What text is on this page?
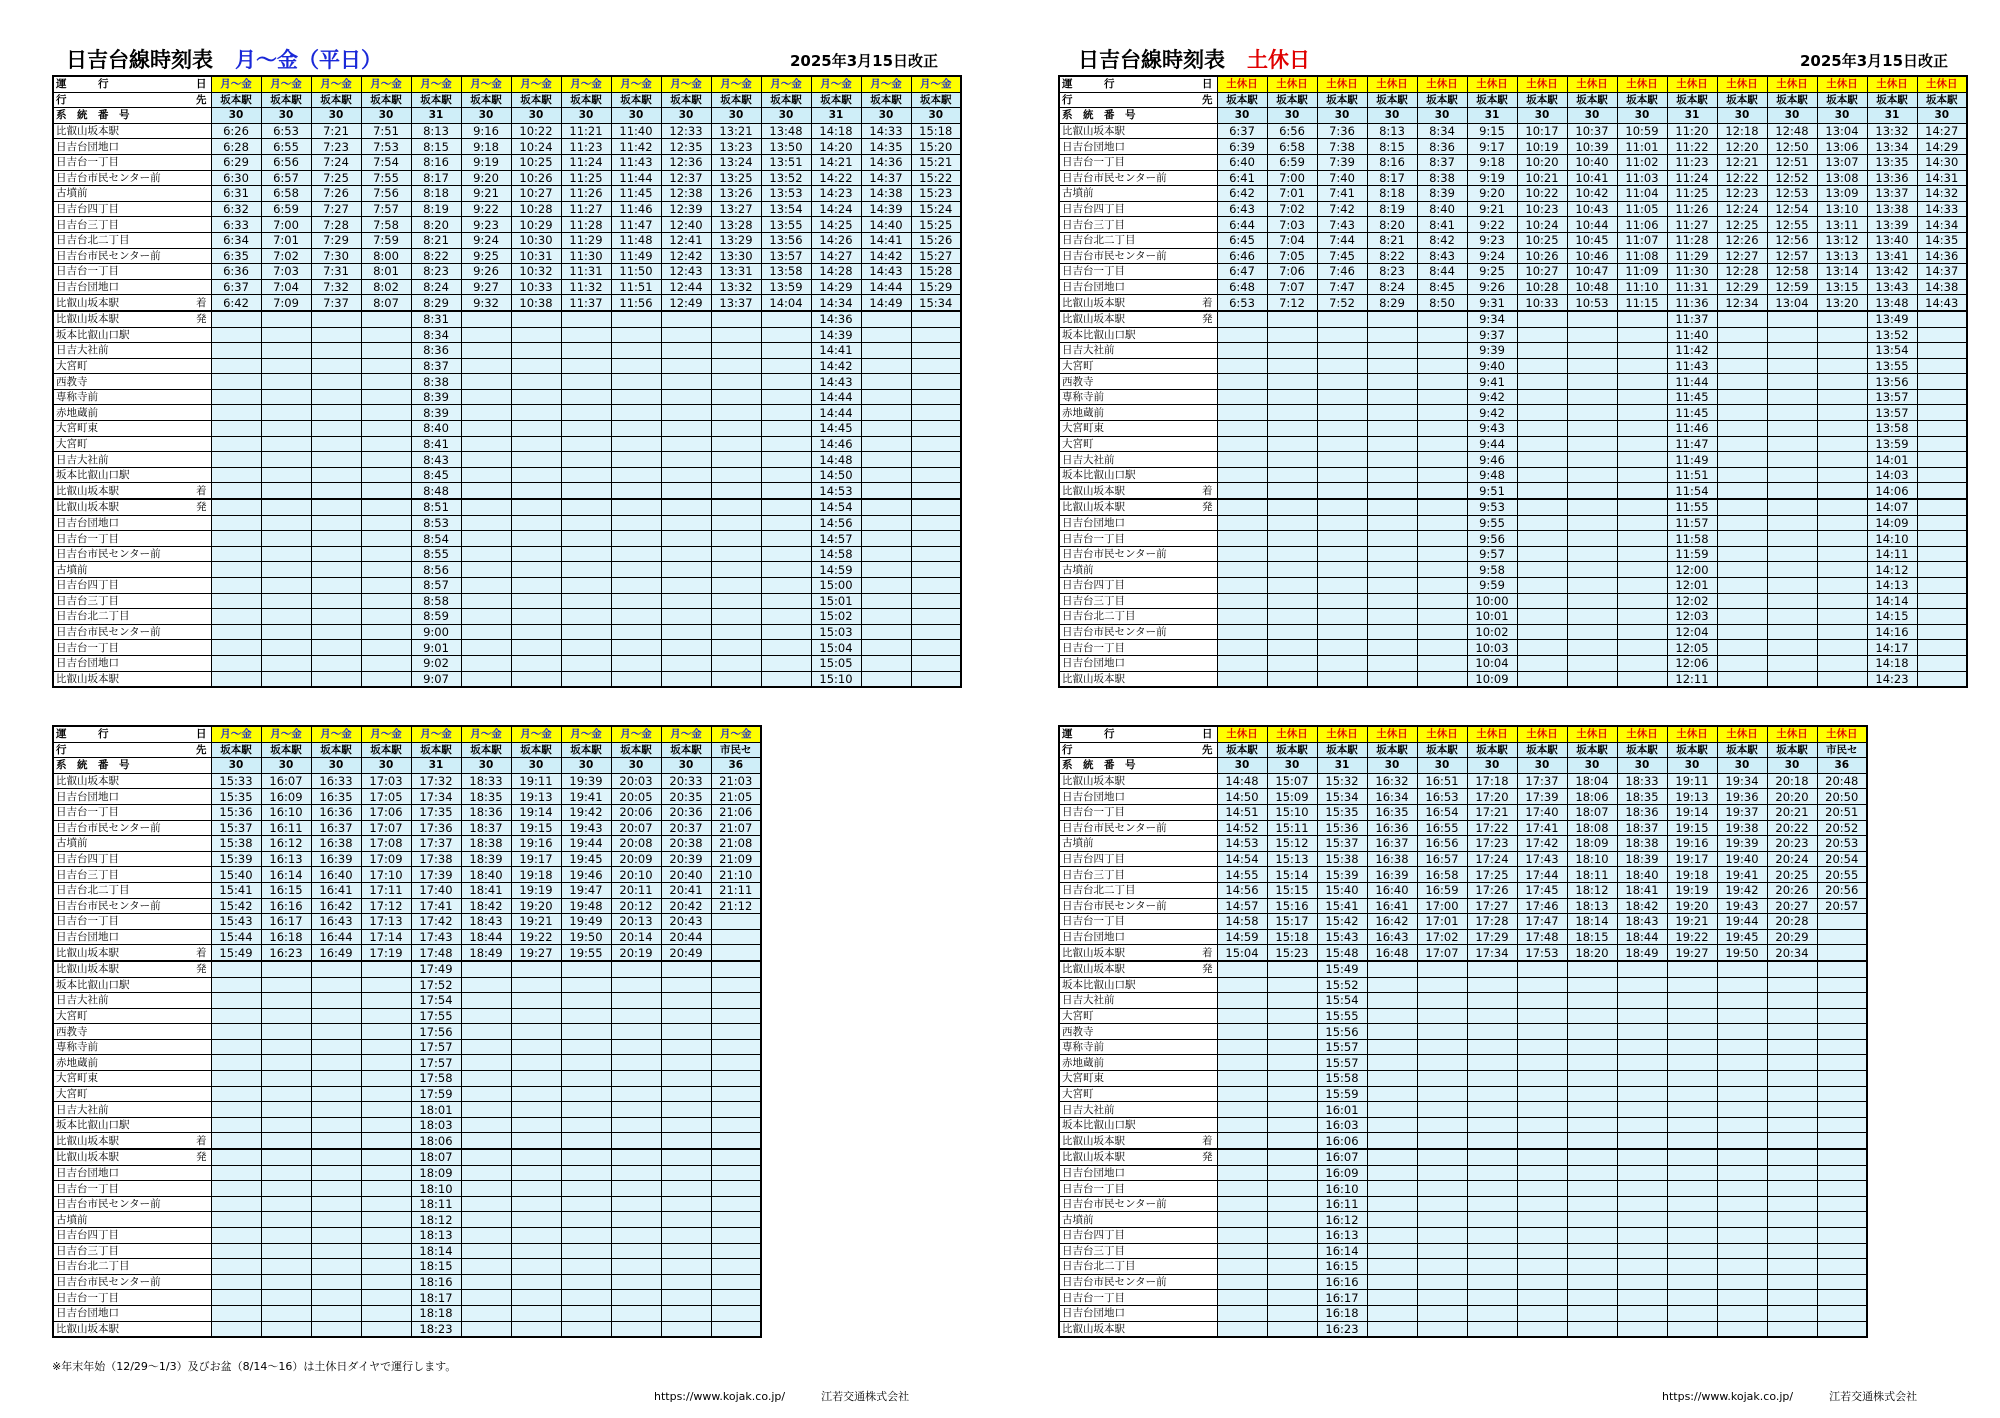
日吉台線時刻表 月～金（平日）	2025年3月15日改正	日吉台線時刻表 土休日	2025年3月15日改正
運　　　行 日	月～金	月～金	月～金	月～金	月～金	月～金	月～金	月～金	月～金	月～金	月～金	月～金	月～金	月～金	月～金
行 先	坂本駅	坂本駅	坂本駅	坂本駅	坂本駅	坂本駅	坂本駅	坂本駅	坂本駅	坂本駅	坂本駅	坂本駅	坂本駅	坂本駅	坂本駅
系　統　番　号	30	30	30	30	31	30	30	30	30	30	30	30	31	30	30
比叡山坂本駅	6:26	6:53	7:21	7:51	8:13	9:16	10:22	11:21	11:40	12:33	13:21	13:48	14:18	14:33	15:18
日吉台団地口	6:28	6:55	7:23	7:53	8:15	9:18	10:24	11:23	11:42	12:35	13:23	13:50	14:20	14:35	15:20
日吉台一丁目	6:29	6:56	7:24	7:54	8:16	9:19	10:25	11:24	11:43	12:36	13:24	13:51	14:21	14:36	15:21
日吉台市民センター前	6:30	6:57	7:25	7:55	8:17	9:20	10:26	11:25	11:44	12:37	13:25	13:52	14:22	14:37	15:22
古墳前	6:31	6:58	7:26	7:56	8:18	9:21	10:27	11:26	11:45	12:38	13:26	13:53	14:23	14:38	15:23
日吉台四丁目	6:32	6:59	7:27	7:57	8:19	9:22	10:28	11:27	11:46	12:39	13:27	13:54	14:24	14:39	15:24
日吉台三丁目	6:33	7:00	7:28	7:58	8:20	9:23	10:29	11:28	11:47	12:40	13:28	13:55	14:25	14:40	15:25
日吉台北二丁目	6:34	7:01	7:29	7:59	8:21	9:24	10:30	11:29	11:48	12:41	13:29	13:56	14:26	14:41	15:26
日吉台市民センター前	6:35	7:02	7:30	8:00	8:22	9:25	10:31	11:30	11:49	12:42	13:30	13:57	14:27	14:42	15:27
日吉台一丁目	6:36	7:03	7:31	8:01	8:23	9:26	10:32	11:31	11:50	12:43	13:31	13:58	14:28	14:43	15:28
日吉台団地口	6:37	7:04	7:32	8:02	8:24	9:27	10:33	11:32	11:51	12:44	13:32	13:59	14:29	14:44	15:29
比叡山坂本駅 着	6:42	7:09	7:37	8:07	8:29	9:32	10:38	11:37	11:56	12:49	13:37	14:04	14:34	14:49	15:34
比叡山坂本駅 発					8:31								14:36		
坂本比叡山口駅					8:34								14:39		
日吉大社前					8:36								14:41		
大宮町					8:37								14:42		
西教寺					8:38								14:43		
専称寺前					8:39								14:44		
赤地蔵前					8:39								14:44		
大宮町東					8:40								14:45		
大宮町					8:41								14:46		
日吉大社前					8:43								14:48		
坂本比叡山口駅					8:45								14:50		
比叡山坂本駅 着					8:48								14:53		
比叡山坂本駅 発					8:51								14:54		
日吉台団地口					8:53								14:56		
日吉台一丁目					8:54								14:57		
日吉台市民センター前					8:55								14:58		
古墳前					8:56								14:59		
日吉台四丁目					8:57								15:00		
日吉台三丁目					8:58								15:01		
日吉台北二丁目					8:59								15:02		
日吉台市民センター前					9:00								15:03		
日吉台一丁目					9:01								15:04		
日吉台団地口					9:02								15:05		
比叡山坂本駅					9:07								15:10		
運　　　行 日	月～金	月～金	月～金	月～金	月～金	月～金	月～金	月～金	月～金	月～金	月～金
行 先	坂本駅	坂本駅	坂本駅	坂本駅	坂本駅	坂本駅	坂本駅	坂本駅	坂本駅	坂本駅	市民セ
系　統　番　号	30	30	30	30	31	30	30	30	30	30	36
比叡山坂本駅	15:33	16:07	16:33	17:03	17:32	18:33	19:11	19:39	20:03	20:33	21:03
日吉台団地口	15:35	16:09	16:35	17:05	17:34	18:35	19:13	19:41	20:05	20:35	21:05
日吉台一丁目	15:36	16:10	16:36	17:06	17:35	18:36	19:14	19:42	20:06	20:36	21:06
日吉台市民センター前	15:37	16:11	16:37	17:07	17:36	18:37	19:15	19:43	20:07	20:37	21:07
古墳前	15:38	16:12	16:38	17:08	17:37	18:38	19:16	19:44	20:08	20:38	21:08
日吉台四丁目	15:39	16:13	16:39	17:09	17:38	18:39	19:17	19:45	20:09	20:39	21:09
日吉台三丁目	15:40	16:14	16:40	17:10	17:39	18:40	19:18	19:46	20:10	20:40	21:10
日吉台北二丁目	15:41	16:15	16:41	17:11	17:40	18:41	19:19	19:47	20:11	20:41	21:11
日吉台市民センター前	15:42	16:16	16:42	17:12	17:41	18:42	19:20	19:48	20:12	20:42	21:12
日吉台一丁目	15:43	16:17	16:43	17:13	17:42	18:43	19:21	19:49	20:13	20:43	
日吉台団地口	15:44	16:18	16:44	17:14	17:43	18:44	19:22	19:50	20:14	20:44	
比叡山坂本駅 着	15:49	16:23	16:49	17:19	17:48	18:49	19:27	19:55	20:19	20:49	
比叡山坂本駅 発					17:49						
坂本比叡山口駅					17:52						
日吉大社前					17:54						
大宮町					17:55						
西教寺					17:56						
専称寺前					17:57						
赤地蔵前					17:57						
大宮町東					17:58						
大宮町					17:59						
日吉大社前					18:01						
坂本比叡山口駅					18:03						
比叡山坂本駅 着					18:06						
比叡山坂本駅 発					18:07						
日吉台団地口					18:09						
日吉台一丁目					18:10						
日吉台市民センター前					18:11						
古墳前					18:12						
日吉台四丁目					18:13						
日吉台三丁目					18:14						
日吉台北二丁目					18:15						
日吉台市民センター前					18:16						
日吉台一丁目					18:17						
日吉台団地口					18:18						
比叡山坂本駅					18:23						
運　　　行 日	土休日	土休日	土休日	土休日	土休日	土休日	土休日	土休日	土休日	土休日	土休日	土休日	土休日	土休日	土休日
行 先	坂本駅	坂本駅	坂本駅	坂本駅	坂本駅	坂本駅	坂本駅	坂本駅	坂本駅	坂本駅	坂本駅	坂本駅	坂本駅	坂本駅	坂本駅
系　統　番　号	30	30	30	30	30	31	30	30	30	31	30	30	30	31	30
比叡山坂本駅	6:37	6:56	7:36	8:13	8:34	9:15	10:17	10:37	10:59	11:20	12:18	12:48	13:04	13:32	14:27
日吉台団地口	6:39	6:58	7:38	8:15	8:36	9:17	10:19	10:39	11:01	11:22	12:20	12:50	13:06	13:34	14:29
日吉台一丁目	6:40	6:59	7:39	8:16	8:37	9:18	10:20	10:40	11:02	11:23	12:21	12:51	13:07	13:35	14:30
日吉台市民センター前	6:41	7:00	7:40	8:17	8:38	9:19	10:21	10:41	11:03	11:24	12:22	12:52	13:08	13:36	14:31
古墳前	6:42	7:01	7:41	8:18	8:39	9:20	10:22	10:42	11:04	11:25	12:23	12:53	13:09	13:37	14:32
日吉台四丁目	6:43	7:02	7:42	8:19	8:40	9:21	10:23	10:43	11:05	11:26	12:24	12:54	13:10	13:38	14:33
日吉台三丁目	6:44	7:03	7:43	8:20	8:41	9:22	10:24	10:44	11:06	11:27	12:25	12:55	13:11	13:39	14:34
日吉台北二丁目	6:45	7:04	7:44	8:21	8:42	9:23	10:25	10:45	11:07	11:28	12:26	12:56	13:12	13:40	14:35
日吉台市民センター前	6:46	7:05	7:45	8:22	8:43	9:24	10:26	10:46	11:08	11:29	12:27	12:57	13:13	13:41	14:36
日吉台一丁目	6:47	7:06	7:46	8:23	8:44	9:25	10:27	10:47	11:09	11:30	12:28	12:58	13:14	13:42	14:37
日吉台団地口	6:48	7:07	7:47	8:24	8:45	9:26	10:28	10:48	11:10	11:31	12:29	12:59	13:15	13:43	14:38
比叡山坂本駅 着	6:53	7:12	7:52	8:29	8:50	9:31	10:33	10:53	11:15	11:36	12:34	13:04	13:20	13:48	14:43
比叡山坂本駅 発						9:34				11:37				13:49	
坂本比叡山口駅						9:37				11:40				13:52	
日吉大社前						9:39				11:42				13:54	
大宮町						9:40				11:43				13:55	
西教寺						9:41				11:44				13:56	
専称寺前						9:42				11:45				13:57	
赤地蔵前						9:42				11:45				13:57	
大宮町東						9:43				11:46				13:58	
大宮町						9:44				11:47				13:59	
日吉大社前						9:46				11:49				14:01	
坂本比叡山口駅						9:48				11:51				14:03	
比叡山坂本駅 着						9:51				11:54				14:06	
比叡山坂本駅 発						9:53				11:55				14:07	
日吉台団地口						9:55				11:57				14:09	
日吉台一丁目						9:56				11:58				14:10	
日吉台市民センター前						9:57				11:59				14:11	
古墳前						9:58				12:00				14:12	
日吉台四丁目						9:59				12:01				14:13	
日吉台三丁目						10:00				12:02				14:14	
日吉台北二丁目						10:01				12:03				14:15	
日吉台市民センター前						10:02				12:04				14:16	
日吉台一丁目						10:03				12:05				14:17	
日吉台団地口						10:04				12:06				14:18	
比叡山坂本駅						10:09				12:11				14:23	
運　　　行 日	土休日	土休日	土休日	土休日	土休日	土休日	土休日	土休日	土休日	土休日	土休日	土休日	土休日
行 先	坂本駅	坂本駅	坂本駅	坂本駅	坂本駅	坂本駅	坂本駅	坂本駅	坂本駅	坂本駅	坂本駅	坂本駅	市民セ
系　統　番　号	30	30	31	30	30	30	30	30	30	30	30	30	36
比叡山坂本駅	14:48	15:07	15:32	16:32	16:51	17:18	17:37	18:04	18:33	19:11	19:34	20:18	20:48
日吉台団地口	14:50	15:09	15:34	16:34	16:53	17:20	17:39	18:06	18:35	19:13	19:36	20:20	20:50
日吉台一丁目	14:51	15:10	15:35	16:35	16:54	17:21	17:40	18:07	18:36	19:14	19:37	20:21	20:51
日吉台市民センター前	14:52	15:11	15:36	16:36	16:55	17:22	17:41	18:08	18:37	19:15	19:38	20:22	20:52
古墳前	14:53	15:12	15:37	16:37	16:56	17:23	17:42	18:09	18:38	19:16	19:39	20:23	20:53
日吉台四丁目	14:54	15:13	15:38	16:38	16:57	17:24	17:43	18:10	18:39	19:17	19:40	20:24	20:54
日吉台三丁目	14:55	15:14	15:39	16:39	16:58	17:25	17:44	18:11	18:40	19:18	19:41	20:25	20:55
日吉台北二丁目	14:56	15:15	15:40	16:40	16:59	17:26	17:45	18:12	18:41	19:19	19:42	20:26	20:56
日吉台市民センター前	14:57	15:16	15:41	16:41	17:00	17:27	17:46	18:13	18:42	19:20	19:43	20:27	20:57
日吉台一丁目	14:58	15:17	15:42	16:42	17:01	17:28	17:47	18:14	18:43	19:21	19:44	20:28	
日吉台団地口	14:59	15:18	15:43	16:43	17:02	17:29	17:48	18:15	18:44	19:22	19:45	20:29	
比叡山坂本駅 着	15:04	15:23	15:48	16:48	17:07	17:34	17:53	18:20	18:49	19:27	19:50	20:34	
比叡山坂本駅 発			15:49										
坂本比叡山口駅			15:52										
日吉大社前			15:54										
大宮町			15:55										
西教寺			15:56										
専称寺前			15:57										
赤地蔵前			15:57										
大宮町東			15:58										
大宮町			15:59										
日吉大社前			16:01										
坂本比叡山口駅			16:03										
比叡山坂本駅 着			16:06										
比叡山坂本駅 発			16:07										
日吉台団地口			16:09										
日吉台一丁目			16:10										
日吉台市民センター前			16:11										
古墳前			16:12										
日吉台四丁目			16:13										
日吉台三丁目			16:14										
日吉台北二丁目			16:15										
日吉台市民センター前			16:16										
日吉台一丁目			16:17										
日吉台団地口			16:18										
比叡山坂本駅			16:23										
※年末年始（12/29～1/3）及びお盆（8/14～16）は土休日ダイヤで運行します。
https://www.kojak.co.jp/	江若交通株式会社	https://www.kojak.co.jp/	江若交通株式会社
